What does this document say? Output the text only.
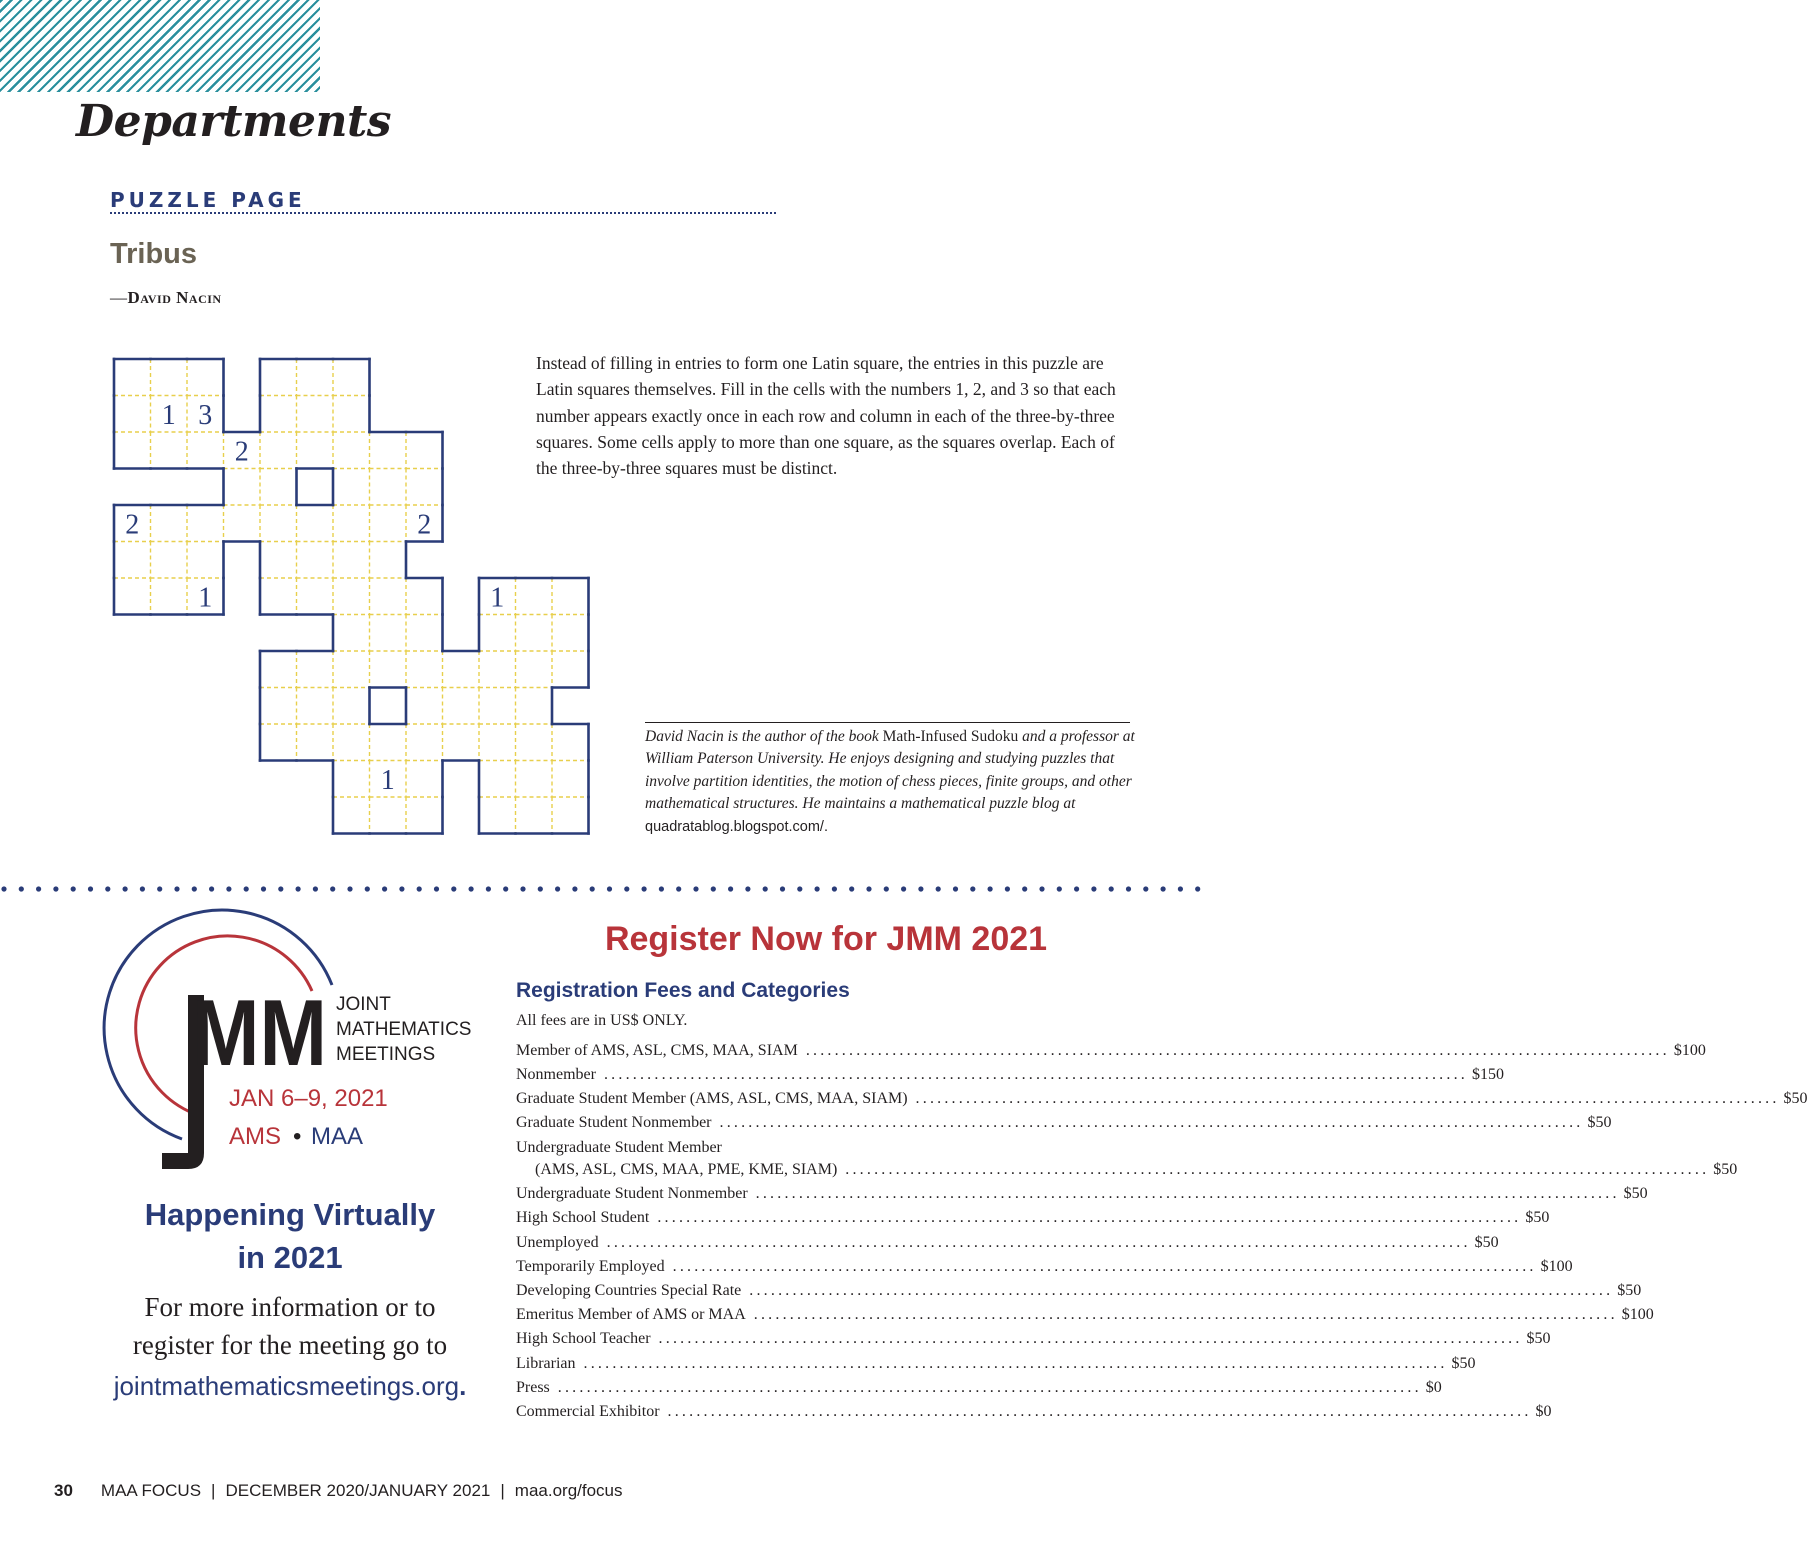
Departments
PUZZLE PAGE
Tribus
—David Nacin
1 3
2
2	2
1	1
1
Instead of filling in entries to form one Latin square, the entries in this puzzle are Latin squares themselves. Fill in the cells with the numbers 1, 2, and 3 so that each number appears exactly once in each row and column in each of the three-by-three squares. Some cells apply to more than one square, as the squares overlap. Each of the three-by-three squares must be distinct.
David Nacin is the author of the book Math-Infused Sudoku and a professor at William Paterson University. He enjoys designing and studying puzzles that involve partition identities, the motion of chess pieces, finite groups, and other mathematical structures. He maintains a mathematical puzzle blog at quadratablog.blogspot.com/.
MM JOINT
MATHEMATICS
MEETINGS
JAN 6–9, 2021
AMS • MAA
Happening Virtually
in 2021
For more information or to
register for the meeting go to
jointmathematicsmeetings.org.
Register Now for JMM 2021
Registration Fees and Categories
All fees are in US$ ONLY.
Member of AMS, ASL, CMS, MAA, SIAM ........................................................................................................................ $100
Nonmember ........................................................................................................................ $150
Graduate Student Member (AMS, ASL, CMS, MAA, SIAM) ........................................................................................................................ $50
Graduate Student Nonmember ........................................................................................................................ $50
(AMS, ASL, CMS, MAA, PME, KME, SIAM) ........................................................................................................................ $50
Undergraduate Student Nonmember ........................................................................................................................ $50
High School Student ........................................................................................................................ $50
Unemployed ........................................................................................................................ $50
Temporarily Employed ........................................................................................................................ $100
Developing Countries Special Rate ........................................................................................................................ $50
Emeritus Member of AMS or MAA ........................................................................................................................ $100
High School Teacher ........................................................................................................................ $50
Librarian ........................................................................................................................ $50
Press ........................................................................................................................ $0
Commercial Exhibitor ........................................................................................................................ $0
Undergraduate Student Member
30 MAA FOCUS | DECEMBER 2020/JANUARY 2021 | maa.org/focus
